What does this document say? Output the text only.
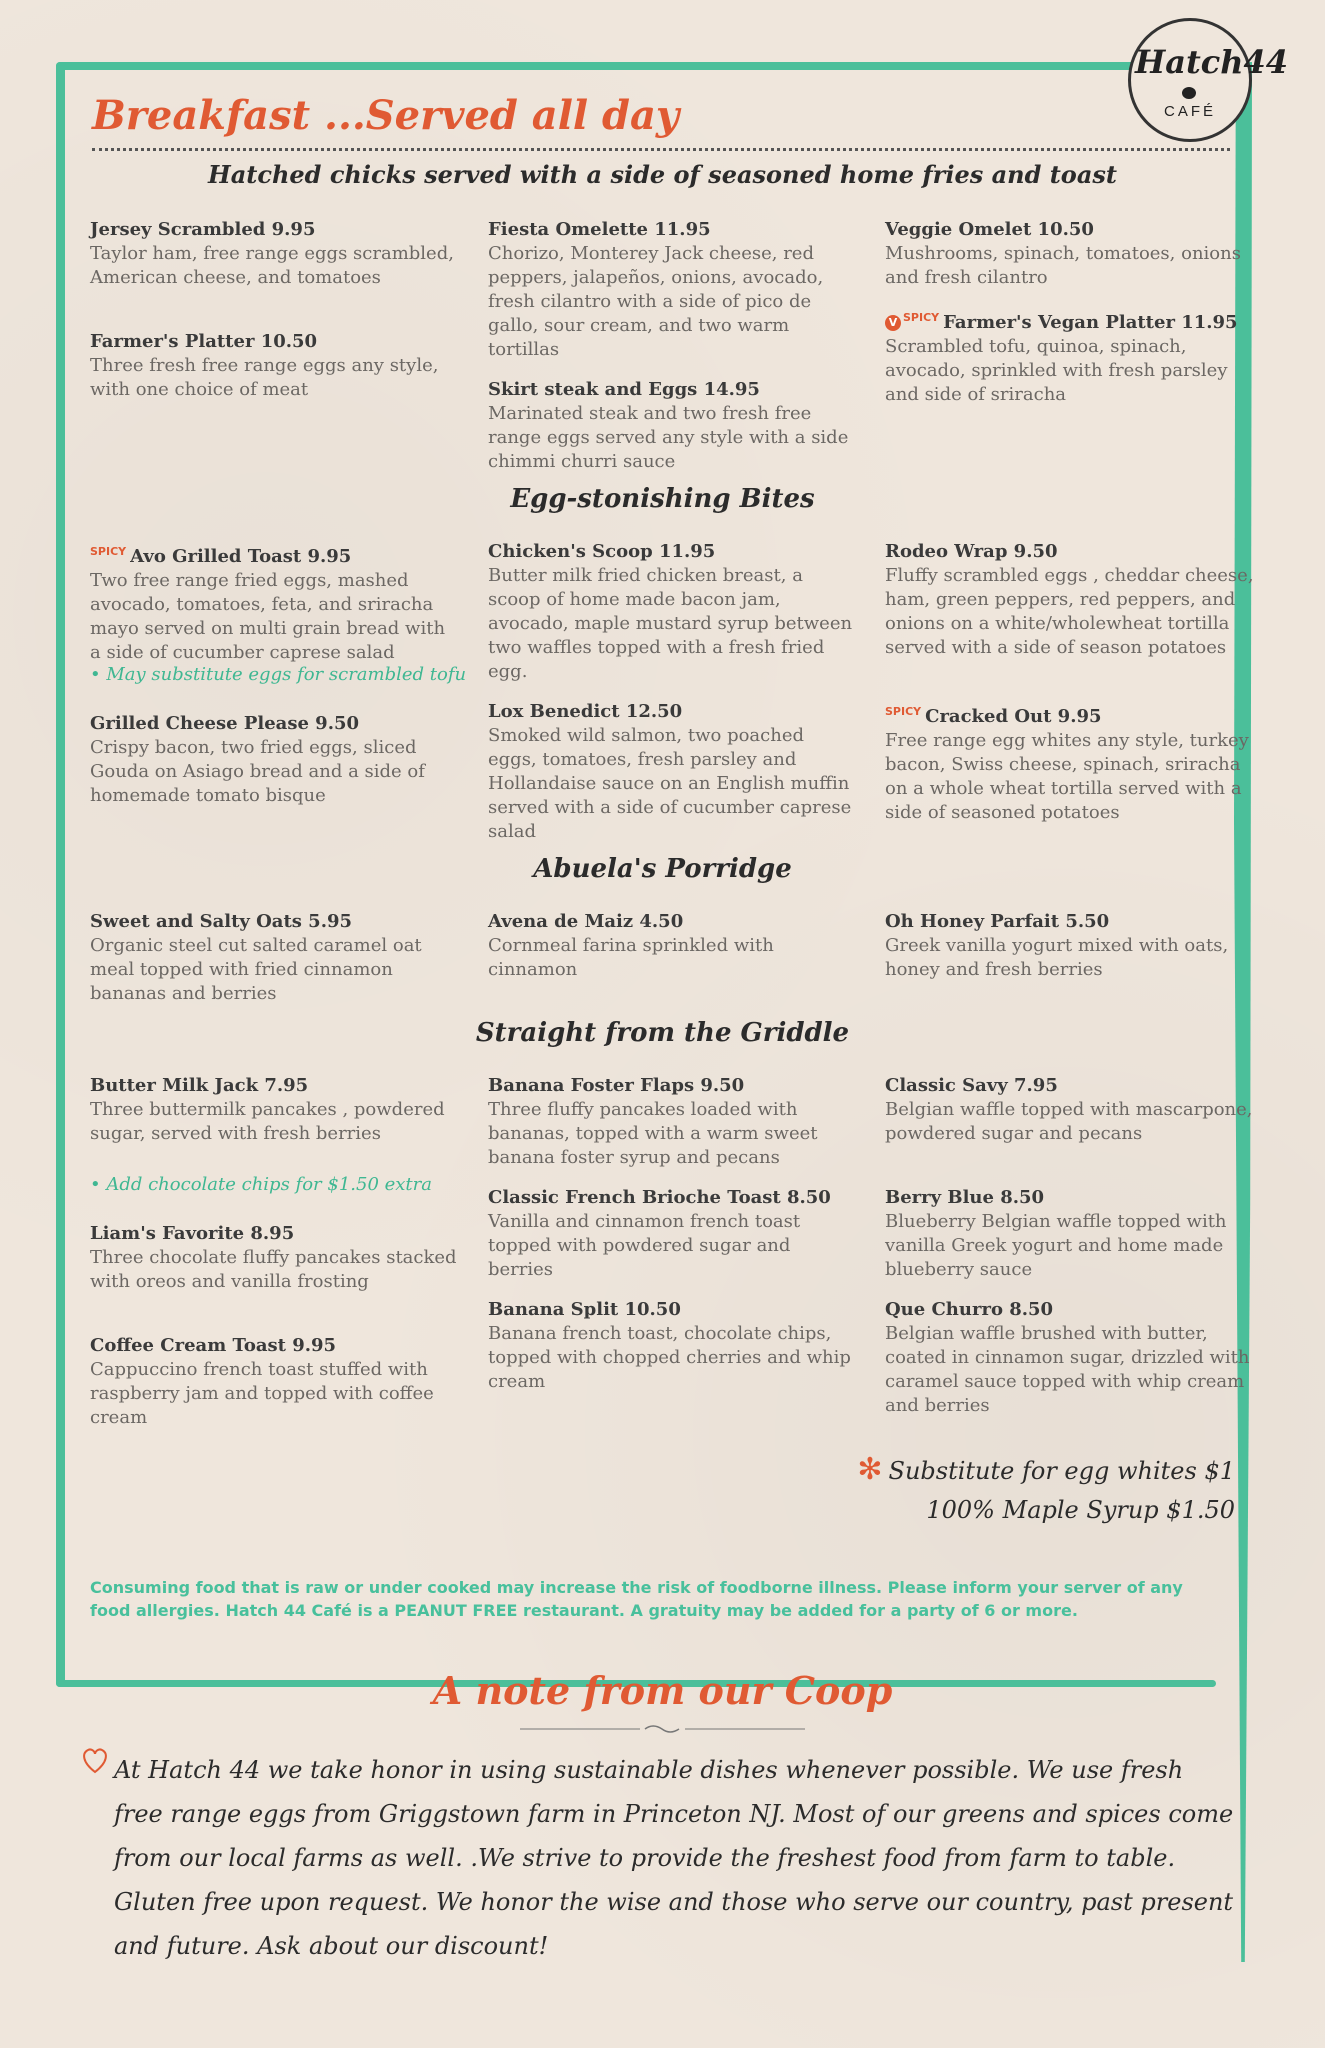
Hatch44
CAFÉ
Breakfast ...Served all day
Hatched chicks served with a side of seasoned home fries and toast
Jersey Scrambled 9.95
Taylor ham, free range eggs scrambled, American cheese, and tomatoes
Farmer's Platter 10.50
Three fresh free range eggs any style, with one choice of meat
Fiesta Omelette 11.95
Chorizo, Monterey Jack cheese, red peppers, jalapeños, onions, avocado, fresh cilantro with a side of pico de gallo, sour cream, and two warm tortillas
Skirt steak and Eggs 14.95
Marinated steak and two fresh free range eggs served any style with a side chimmi churri sauce
Veggie Omelet 10.50
Mushrooms, spinach, tomatoes, onions and fresh cilantro
V $^{SPICY}$ Farmer's Vegan Platter 11.95
Scrambled tofu, quinoa, spinach, avocado, sprinkled with fresh parsley and side of sriracha
Egg-stonishing Bites
$^{SPICY}$ Avo Grilled Toast 9.95
Two free range fried eggs, mashed avocado, tomatoes, feta, and sriracha mayo served on multi grain bread with a side of cucumber caprese salad
• May substitute eggs for scrambled tofu
Grilled Cheese Please 9.50
Crispy bacon, two fried eggs, sliced Gouda on Asiago bread and a side of homemade tomato bisque
Chicken's Scoop 11.95
Butter milk fried chicken breast, a scoop of home made bacon jam, avocado, maple mustard syrup between two waffles topped with a fresh fried egg.
Lox Benedict 12.50
Smoked wild salmon, two poached eggs, tomatoes, fresh parsley and Hollandaise sauce on an English muffin served with a side of cucumber caprese salad
Rodeo Wrap 9.50
Fluffy scrambled eggs , cheddar cheese, ham, green peppers, red peppers, and onions on a white/wholewheat tortilla served with a side of season potatoes
$^{SPICY}$ Cracked Out 9.95
Free range egg whites any style, turkey bacon, Swiss cheese, spinach, sriracha on a whole wheat tortilla served with a side of seasoned potatoes
Abuela's Porridge
Sweet and Salty Oats 5.95
Organic steel cut salted caramel oat meal topped with fried cinnamon bananas and berries
Avena de Maiz 4.50
Cornmeal farina sprinkled with cinnamon
Oh Honey Parfait 5.50
Greek vanilla yogurt mixed with oats, honey and fresh berries
Straight from the Griddle
Butter Milk Jack 7.95
Three buttermilk pancakes , powdered sugar, served with fresh berries
• Add chocolate chips for $1.50 extra
Liam's Favorite 8.95
Three chocolate fluffy pancakes stacked with oreos and vanilla frosting
Coffee Cream Toast 9.95
Cappuccino french toast stuffed with raspberry jam and topped with coffee cream
Banana Foster Flaps 9.50
Three fluffy pancakes loaded with bananas, topped with a warm sweet banana foster syrup and pecans
Classic French Brioche Toast 8.50
Vanilla and cinnamon french toast topped with powdered sugar and berries
Banana Split 10.50
Banana french toast, chocolate chips, topped with chopped cherries and whip cream
Classic Savy 7.95
Belgian waffle topped with mascarpone, powdered sugar and pecans
Berry Blue 8.50
Blueberry Belgian waffle topped with vanilla Greek yogurt and home made blueberry sauce
Que Churro 8.50
Belgian waffle brushed with butter, coated in cinnamon sugar, drizzled with caramel sauce topped with whip cream and berries
✻ Substitute for egg whites $1
100% Maple Syrup $1.50
Consuming food that is raw or under cooked may increase the risk of foodborne illness. Please inform your server of any food allergies. Hatch 44 Café is a PEANUT FREE restaurant. A gratuity may be added for a party of 6 or more.
A note from our Coop
At Hatch 44 we take honor in using sustainable dishes whenever possible. We use fresh free range eggs from Griggstown farm in Princeton NJ. Most of our greens and spices come from our local farms as well. .We strive to provide the freshest food from farm to table. Gluten free upon request. We honor the wise and those who serve our country, past present and future. Ask about our discount!
